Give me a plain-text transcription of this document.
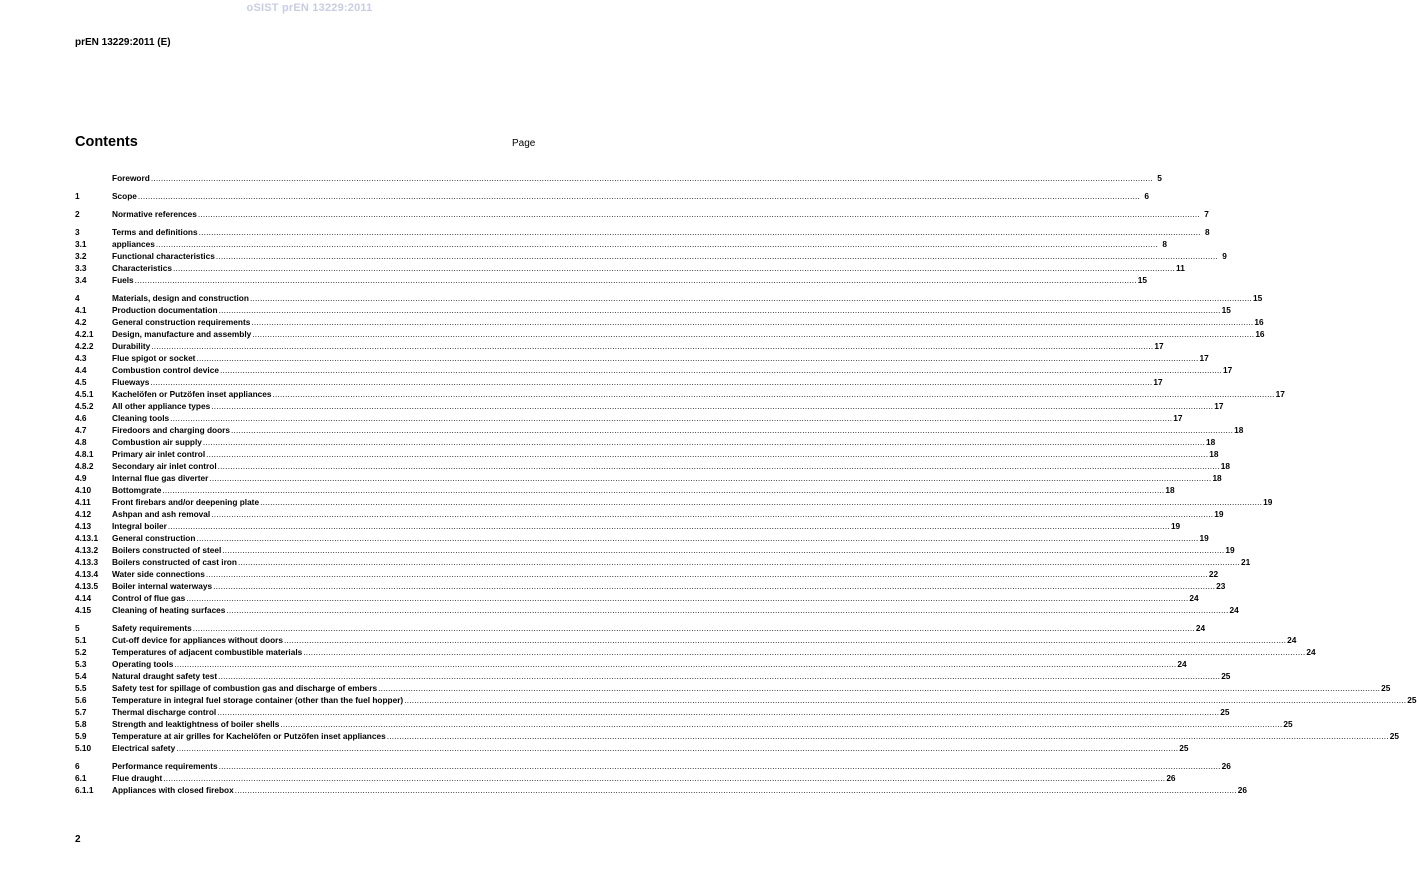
oSIST prEN 13229:2011
prEN 13229:2011 (E)
Contents	Page
Foreword ................................................................................................................................................................................................................................................................................................................................................................................................................ 5
1	Scope ................................................................................................................................................................................................................................................................................................................................................................................................................ 6
2	Normative references ................................................................................................................................................................................................................................................................................................................................................................................................................ 7
3	Terms and definitions ................................................................................................................................................................................................................................................................................................................................................................................................................ 8
3.1	appliances ................................................................................................................................................................................................................................................................................................................................................................................................................ 8
3.2	Functional characteristics ................................................................................................................................................................................................................................................................................................................................................................................................................ 9
3.3	Characteristics ................................................................................................................................................................................................................................................................................................................................................................................................................ 11
3.4	Fuels ................................................................................................................................................................................................................................................................................................................................................................................................................ 15
4	Materials, design and construction ................................................................................................................................................................................................................................................................................................................................................................................................................ 15
4.1	Production documentation ................................................................................................................................................................................................................................................................................................................................................................................................................ 15
4.2	General construction requirements ................................................................................................................................................................................................................................................................................................................................................................................................................ 16
4.2.1	Design, manufacture and assembly ................................................................................................................................................................................................................................................................................................................................................................................................................ 16
4.2.2	Durability ................................................................................................................................................................................................................................................................................................................................................................................................................ 17
4.3	Flue spigot or socket ................................................................................................................................................................................................................................................................................................................................................................................................................ 17
4.4	Combustion control device ................................................................................................................................................................................................................................................................................................................................................................................................................ 17
4.5	Flueways ................................................................................................................................................................................................................................................................................................................................................................................................................ 17
4.5.1	Kachelöfen or Putzöfen inset appliances ................................................................................................................................................................................................................................................................................................................................................................................................................ 17
4.5.2	All other appliance types ................................................................................................................................................................................................................................................................................................................................................................................................................ 17
4.6	Cleaning tools ................................................................................................................................................................................................................................................................................................................................................................................................................ 17
4.7	Firedoors and charging doors ................................................................................................................................................................................................................................................................................................................................................................................................................ 18
4.8	Combustion air supply ................................................................................................................................................................................................................................................................................................................................................................................................................ 18
4.8.1	Primary air inlet control ................................................................................................................................................................................................................................................................................................................................................................................................................ 18
4.8.2	Secondary air inlet control ................................................................................................................................................................................................................................................................................................................................................................................................................ 18
4.9	Internal flue gas diverter ................................................................................................................................................................................................................................................................................................................................................................................................................ 18
4.10	Bottomgrate ................................................................................................................................................................................................................................................................................................................................................................................................................ 18
4.11	Front firebars and/or deepening plate ................................................................................................................................................................................................................................................................................................................................................................................................................ 19
4.12	Ashpan and ash removal ................................................................................................................................................................................................................................................................................................................................................................................................................ 19
4.13	Integral boiler ................................................................................................................................................................................................................................................................................................................................................................................................................ 19
4.13.1	General construction ................................................................................................................................................................................................................................................................................................................................................................................................................ 19
4.13.2	Boilers constructed of steel ................................................................................................................................................................................................................................................................................................................................................................................................................ 19
4.13.3	Boilers constructed of cast iron ................................................................................................................................................................................................................................................................................................................................................................................................................ 21
4.13.4	Water side connections ................................................................................................................................................................................................................................................................................................................................................................................................................ 22
4.13.5	Boiler internal waterways ................................................................................................................................................................................................................................................................................................................................................................................................................ 23
4.14	Control of flue gas ................................................................................................................................................................................................................................................................................................................................................................................................................ 24
4.15	Cleaning of heating surfaces ................................................................................................................................................................................................................................................................................................................................................................................................................ 24
5	Safety requirements ................................................................................................................................................................................................................................................................................................................................................................................................................ 24
5.1	Cut-off device for appliances without doors ................................................................................................................................................................................................................................................................................................................................................................................................................ 24
5.2	Temperatures of adjacent combustible materials ................................................................................................................................................................................................................................................................................................................................................................................................................ 24
5.3	Operating tools ................................................................................................................................................................................................................................................................................................................................................................................................................ 24
5.4	Natural draught safety test ................................................................................................................................................................................................................................................................................................................................................................................................................ 25
5.5	Safety test for spillage of combustion gas and discharge of embers ................................................................................................................................................................................................................................................................................................................................................................................................................ 25
5.6	Temperature in integral fuel storage container (other than the fuel hopper) ................................................................................................................................................................................................................................................................................................................................................................................................................ 25
5.7	Thermal discharge control ................................................................................................................................................................................................................................................................................................................................................................................................................ 25
5.8	Strength and leaktightness of boiler shells ................................................................................................................................................................................................................................................................................................................................................................................................................ 25
5.9	Temperature at air grilles for Kachelöfen or Putzöfen inset appliances ................................................................................................................................................................................................................................................................................................................................................................................................................ 25
5.10	Electrical safety ................................................................................................................................................................................................................................................................................................................................................................................................................ 25
6	Performance requirements ................................................................................................................................................................................................................................................................................................................................................................................................................ 26
6.1	Flue draught ................................................................................................................................................................................................................................................................................................................................................................................................................ 26
6.1.1	Appliances with closed firebox ................................................................................................................................................................................................................................................................................................................................................................................................................ 26
2
